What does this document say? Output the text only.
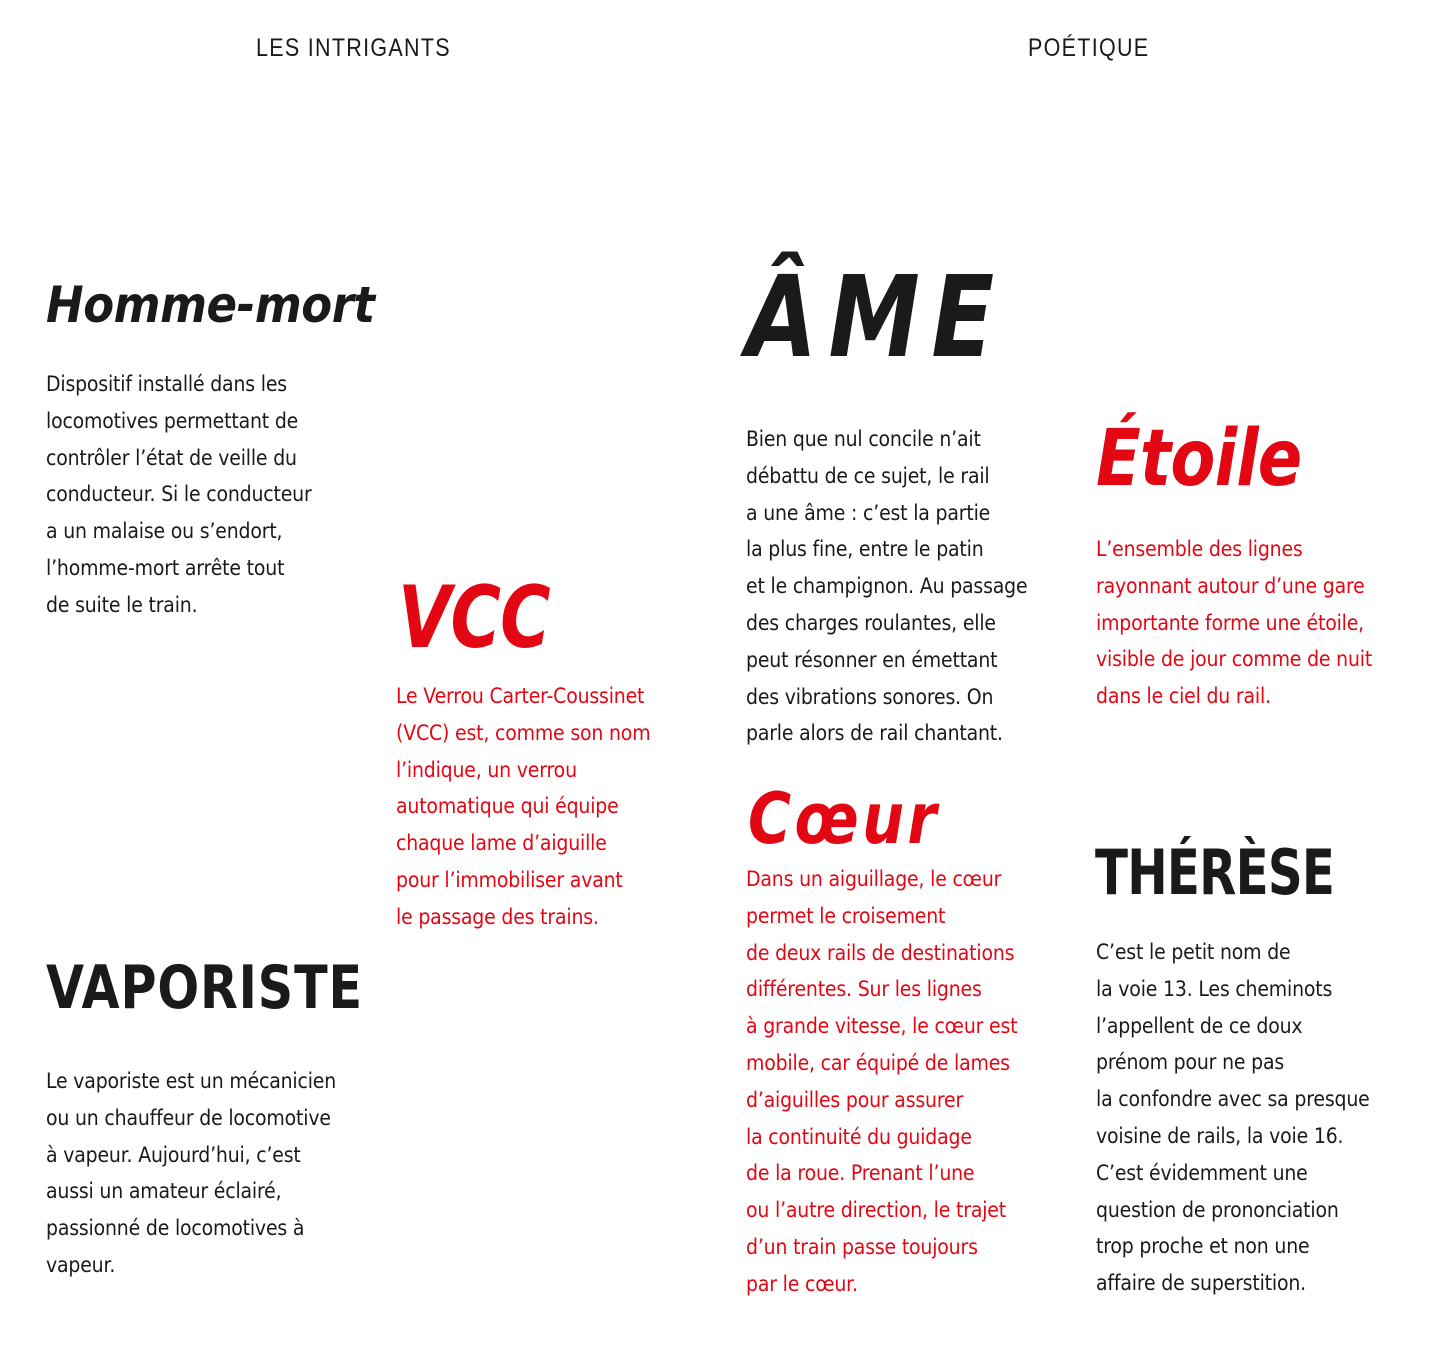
LES INTRIGANTS	POÉTIQUE
Homme-mort

Dispositif installé dans les
locomotives permettant de
contrôler l’état de veille du
conducteur. Si le conducteur
a un malaise ou s’endort,
l’homme-mort arrête tout
de suite le train.	VCC

Le Verrou Carter-Coussinet
(VCC) est, comme son nom
l’indique, un verrou
automatique qui équipe
chaque lame d’aiguille
pour l’immobiliser avant
le passage des trains.

VAPORISTE

Le vaporiste est un mécanicien
ou un chauffeur de locomotive
à vapeur. Aujourd’hui, c’est
aussi un amateur éclairé,
passionné de locomotives à
vapeur.

ÂME

Bien que nul concile n’ait
débattu de ce sujet, le rail
a une âme : c’est la partie
la plus fine, entre le patin
et le champignon. Au passage
des charges roulantes, elle
peut résonner en émettant
des vibrations sonores. On
parle alors de rail chantant.

Étoile

L’ensemble des lignes
rayonnant autour d’une gare
importante forme une étoile,
visible de jour comme de nuit
dans le ciel du rail.

Cœur

Dans un aiguillage, le cœur
permet le croisement
de deux rails de destinations
différentes. Sur les lignes
à grande vitesse, le cœur est
mobile, car équipé de lames
d’aiguilles pour assurer
la continuité du guidage
de la roue. Prenant l’une
ou l’autre direction, le trajet
d’un train passe toujours
par le cœur.

THÉRÈSE

C’est le petit nom de
la voie 13. Les cheminots
l’appellent de ce doux
prénom pour ne pas
la confondre avec sa presque
voisine de rails, la voie 16.
C’est évidemment une
question de prononciation
trop proche et non une
affaire de superstition.
